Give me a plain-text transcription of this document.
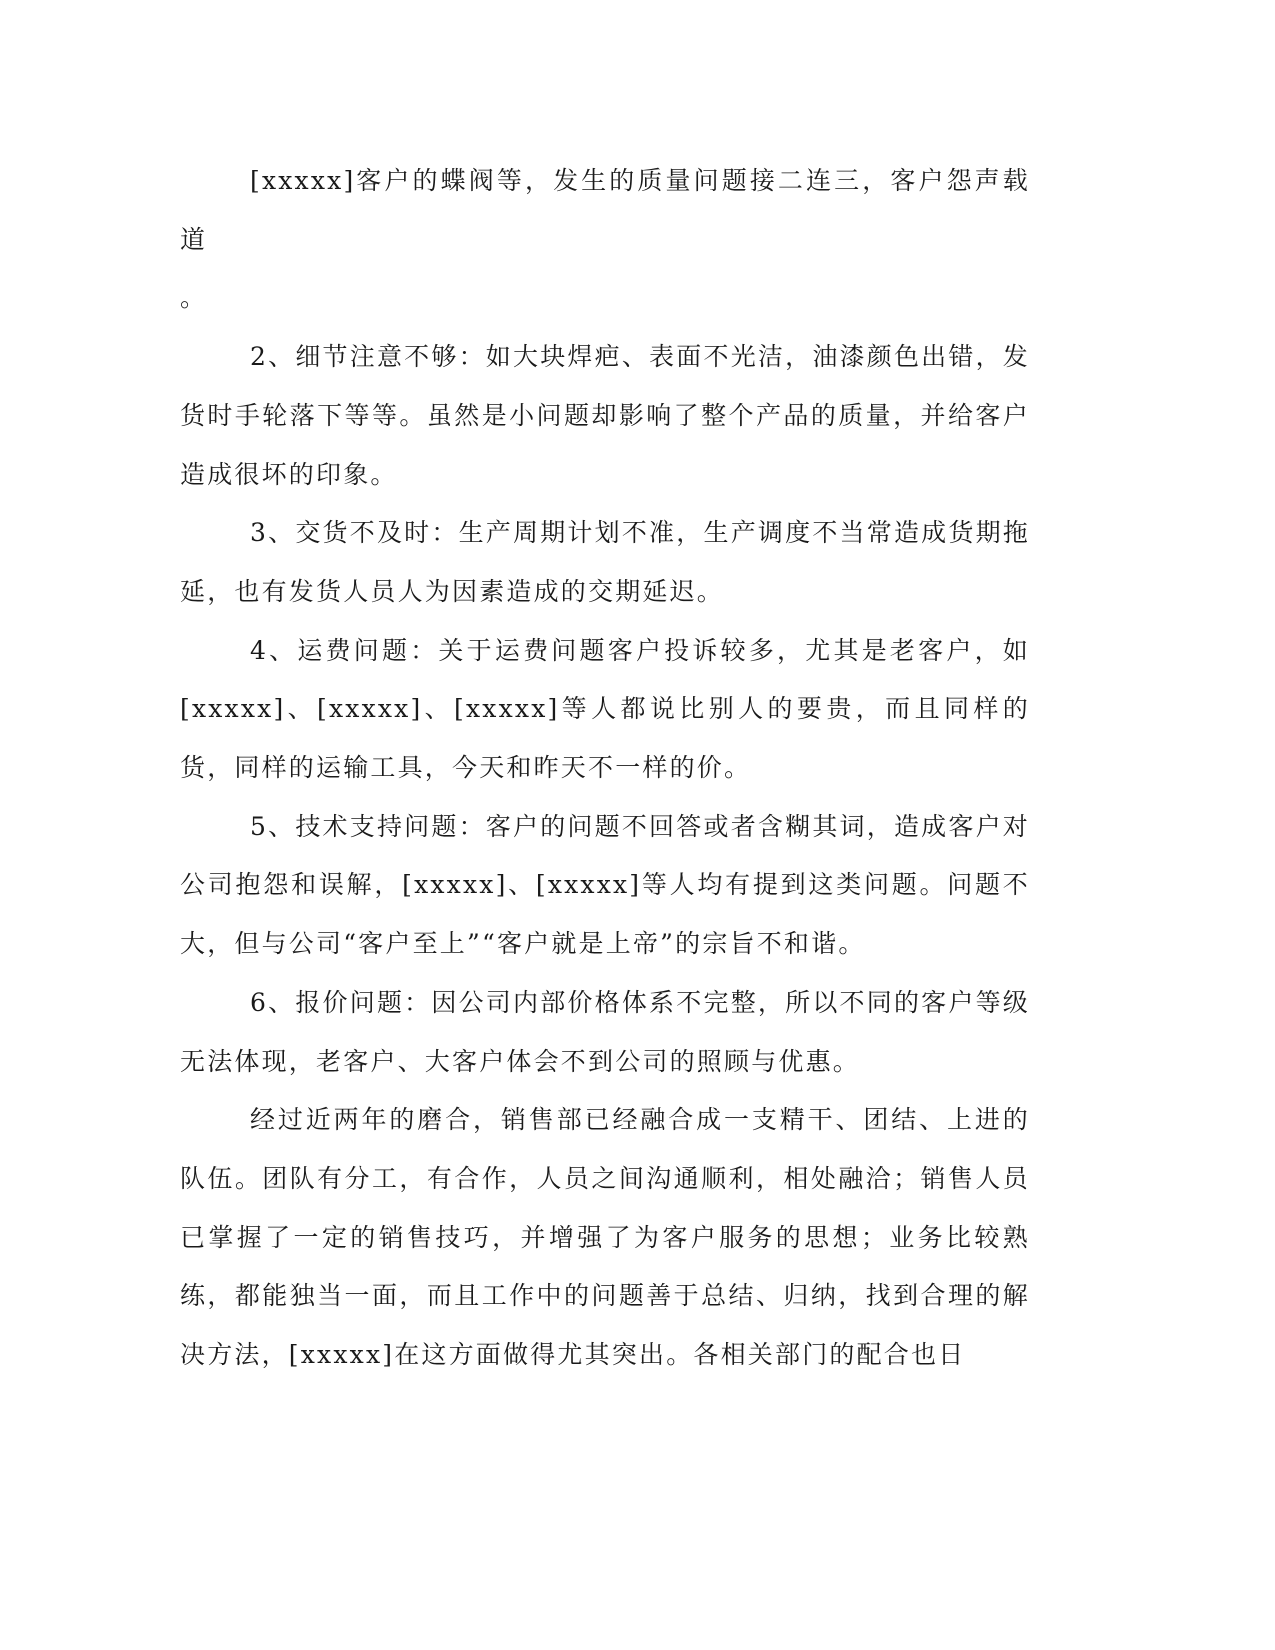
[xxxxx]客户的蝶阀等，发生的质量问题接二连三，客户怨声载道

。

2、细节注意不够：如大块焊疤、表面不光洁，油漆颜色出错，发货时手轮落下等等。虽然是小问题却影响了整个产品的质量，并给客户造成很坏的印象。

3、交货不及时：生产周期计划不准，生产调度不当常造成货期拖延，也有发货人员人为因素造成的交期延迟。

4、运费问题：关于运费问题客户投诉较多，尤其是老客户，如[xxxxx]、[xxxxx]、[xxxxx]等人都说比别人的要贵，而且同样的货，同样的运输工具，今天和昨天不一样的价。

5、技术支持问题：客户的问题不回答或者含糊其词，造成客户对公司抱怨和误解，[xxxxx]、[xxxxx]等人均有提到这类问题。问题不大，但与公司“客户至上”“客户就是上帝”的宗旨不和谐。

6、报价问题：因公司内部价格体系不完整，所以不同的客户等级无法体现，老客户、大客户体会不到公司的照顾与优惠。

经过近两年的磨合，销售部已经融合成一支精干、团结、上进的队伍。团队有分工，有合作，人员之间沟通顺利，相处融洽；销售人员已掌握了一定的销售技巧，并增强了为客户服务的思想；业务比较熟练，都能独当一面，而且工作中的问题善于总结、归纳，找到合理的解决方法，[xxxxx]在这方面做得尤其突出。各相关部门的配合也日
